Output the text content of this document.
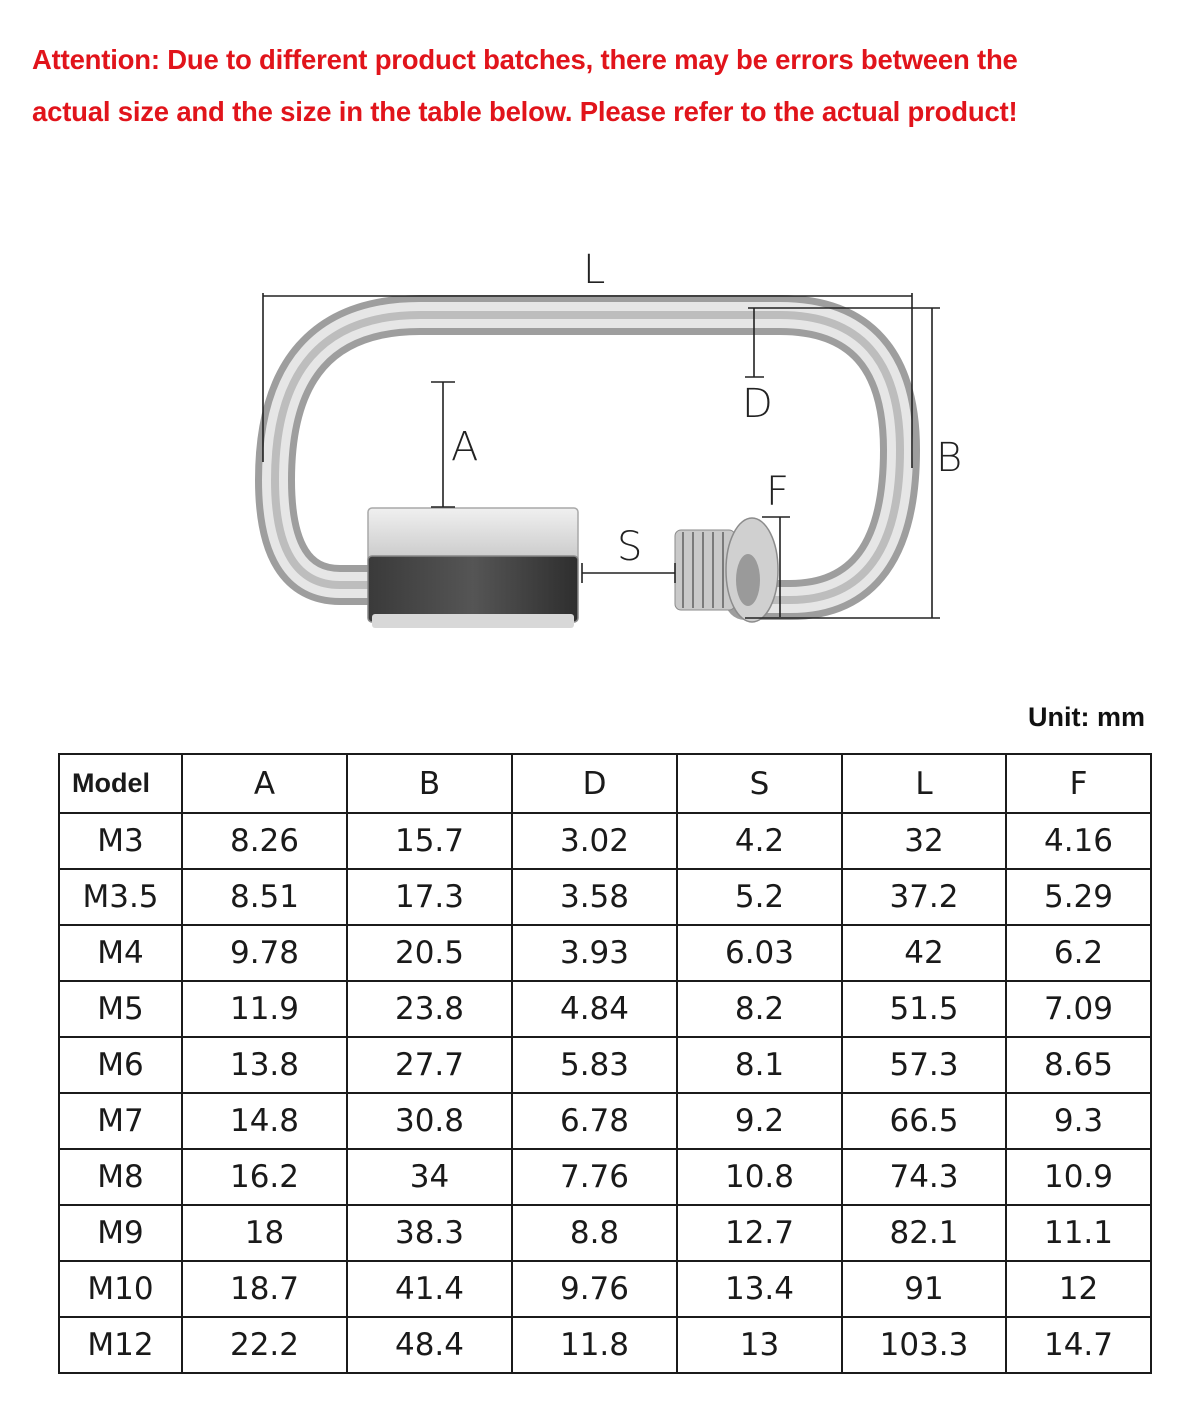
Attention: Due to different product batches, there may be errors between the
actual size and the size in the table below. Please refer to the actual product!
L
A
D
B
F
S
Unit: mm
Model	A	B	D	S	L	F
M3	8.26	15.7	3.02	4.2	32	4.16
M3.5	8.51	17.3	3.58	5.2	37.2	5.29
M4	9.78	20.5	3.93	6.03	42	6.2
M5	11.9	23.8	4.84	8.2	51.5	7.09
M6	13.8	27.7	5.83	8.1	57.3	8.65
M7	14.8	30.8	6.78	9.2	66.5	9.3
M8	16.2	34	7.76	10.8	74.3	10.9
M9	18	38.3	8.8	12.7	82.1	11.1
M10	18.7	41.4	9.76	13.4	91	12
M12	22.2	48.4	11.8	13	103.3	14.7
